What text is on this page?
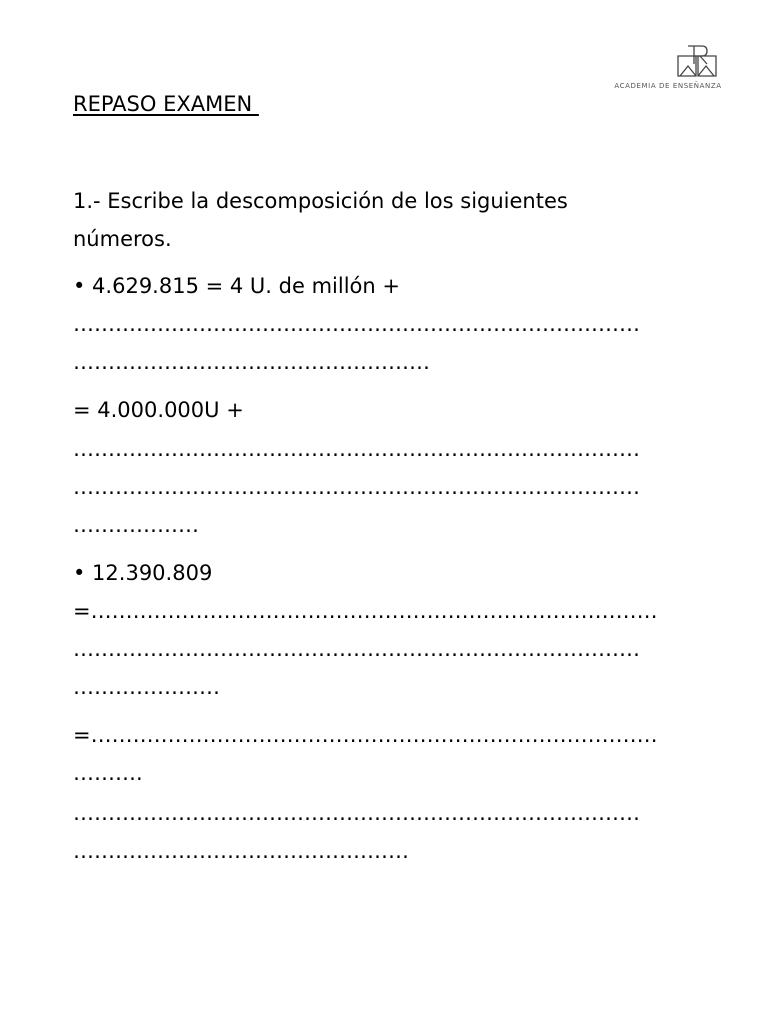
ACADEMIA DE ENSEÑANZA
REPASO EXAMEN
1.- Escribe la descomposición de los siguientes
números.
• 4.629.815 = 4 U. de millón +
………………………………………………………………………
……………………………………………
= 4.000.000U +
………………………………………………………………………
………………………………………………………………………
………………
• 12.390.809
=………………………………………………………………………
………………………………………………………………………
…………………
=………………………………………………………………………
……….
………………………………………………………………………
…………………………………………
